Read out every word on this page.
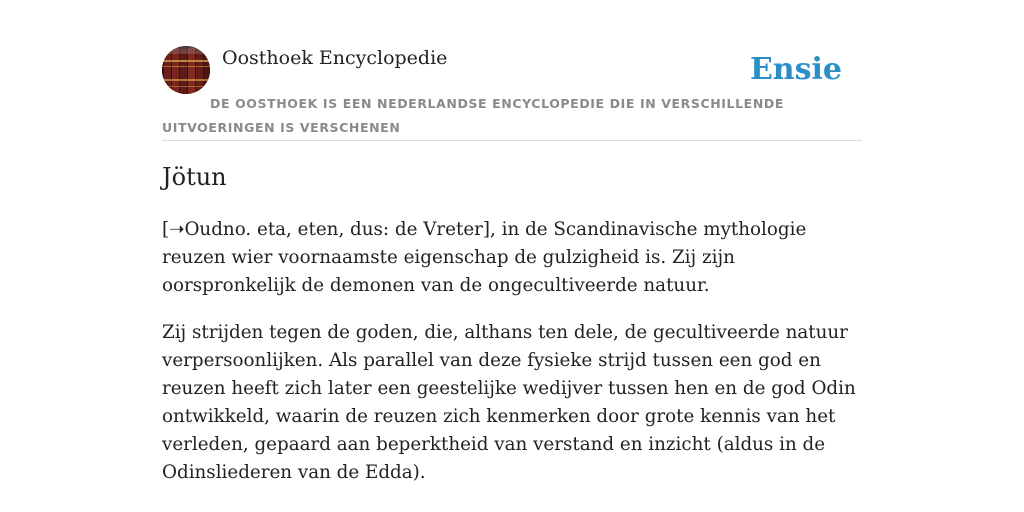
Oosthoek Encyclopedie	Ensie
DE OOSTHOEK IS EEN NEDERLANDSE ENCYCLOPEDIE DIE IN VERSCHILLENDE UITVOERINGEN IS VERSCHENEN
Jötun

[➝Oudno. eta, eten, dus: de Vreter], in de Scandinavische mythologie reuzen wier voornaamste eigenschap de gulzigheid is. Zij zijn oorspronkelijk de demonen van de ongecultiveerde natuur.

Zij strijden tegen de goden, die, althans ten dele, de gecultiveerde natuur verpersoonlijken. Als parallel van deze fysieke strijd tussen een god en reuzen heeft zich later een geestelijke wedijver tussen hen en de god Odin ontwikkeld, waarin de reuzen zich kenmerken door grote kennis van het verleden, gepaard aan beperktheid van verstand en inzicht (aldus in de Odinsliederen van de Edda).
